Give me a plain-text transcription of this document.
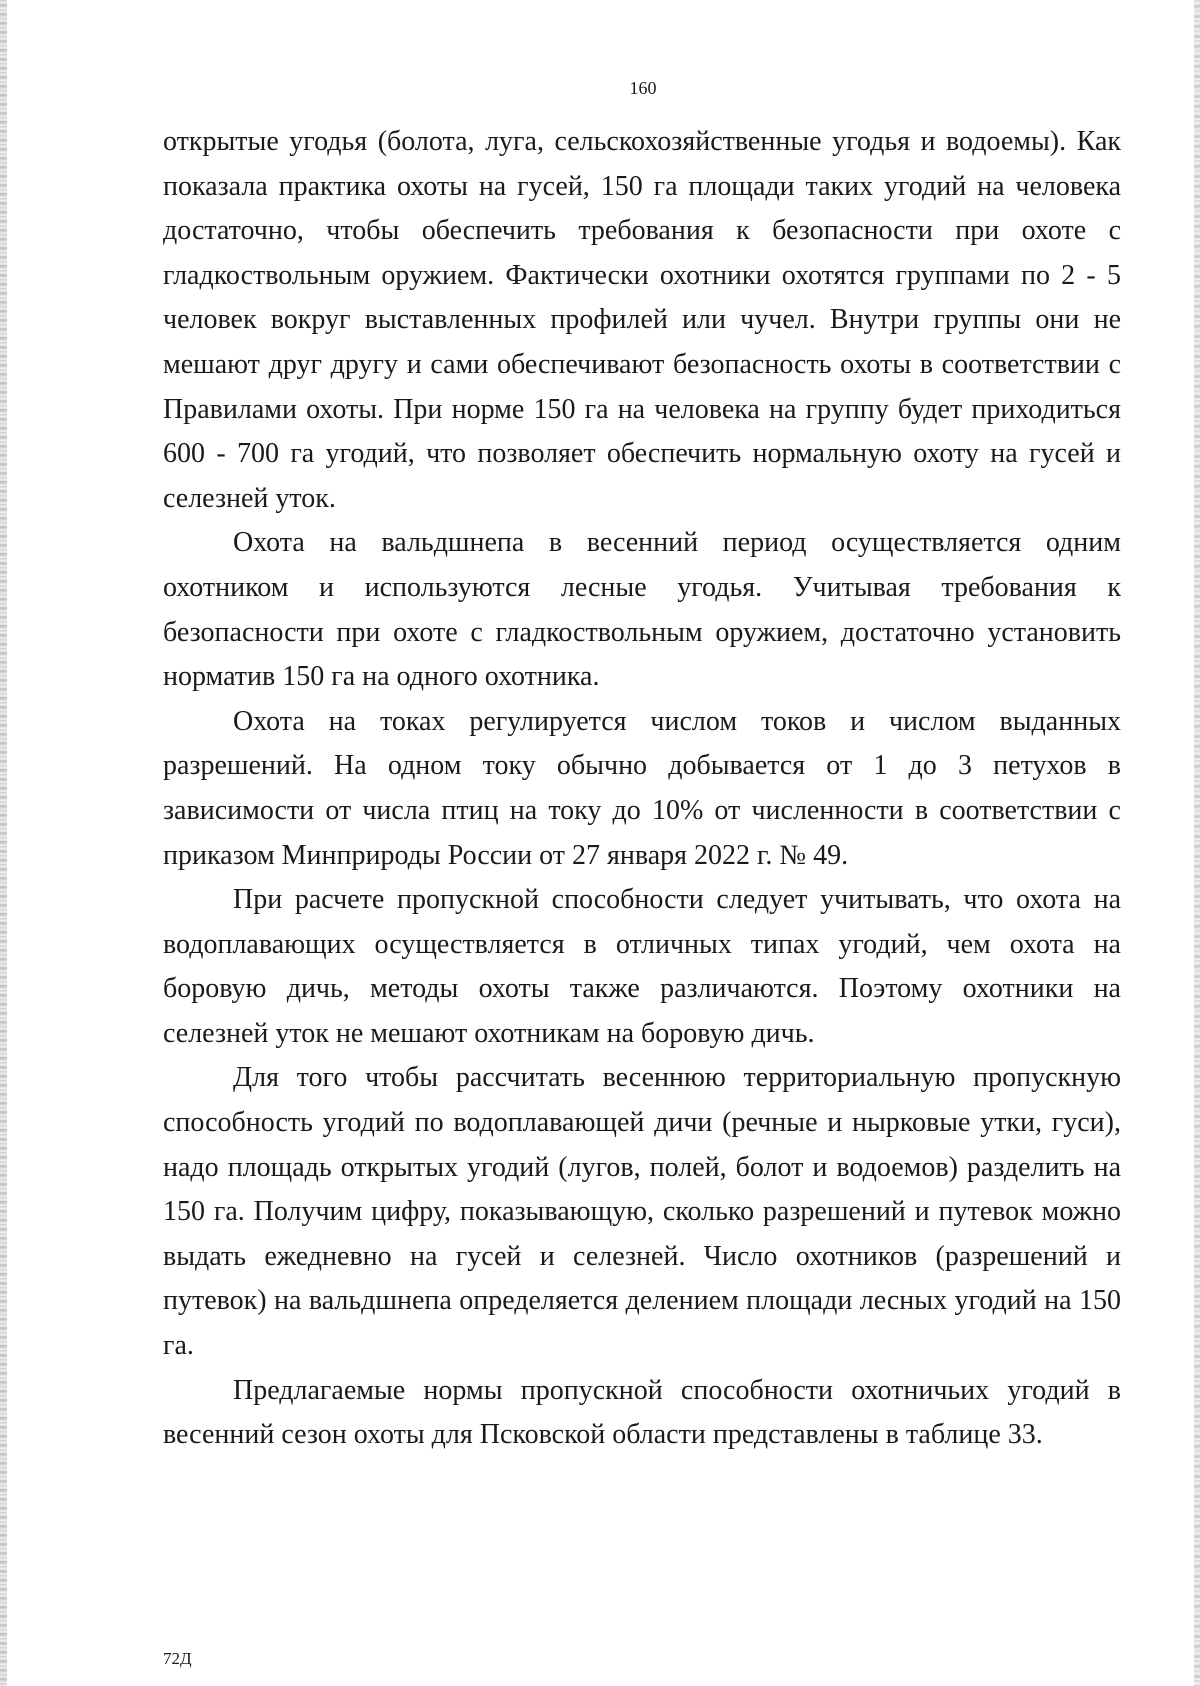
160

открытые угодья (болота, луга, сельскохозяйственные угодья и водоемы). Как показала практика охоты на гусей, 150 га площади таких угодий на человека достаточно, чтобы обеспечить требования к безопасности при охоте с гладкоствольным оружием. Фактически охотники охотятся группами по 2 - 5 человек вокруг выставленных профилей или чучел. Внутри группы они не мешают друг другу и сами обеспечивают безопасность охоты в соответствии с Правилами охоты. При норме 150 га на человека на группу будет приходиться 600 - 700 га угодий, что позволяет обеспечить нормальную охоту на гусей и селезней уток.

Охота на вальдшнепа в весенний период осуществляется одним охотником и используются лесные угодья. Учитывая требования к безопасности при охоте с гладкоствольным оружием, достаточно установить норматив 150 га на одного охотника.

Охота на токах регулируется числом токов и числом выданных разрешений. На одном току обычно добывается от 1 до 3 петухов в зависимости от числа птиц на току до 10% от численности в соответствии с приказом Минприроды России от 27 января 2022 г. № 49.

При расчете пропускной способности следует учитывать, что охота на водоплавающих осуществляется в отличных типах угодий, чем охота на боровую дичь, методы охоты также различаются. Поэтому охотники на селезней уток не мешают охотникам на боровую дичь.

Для того чтобы рассчитать весеннюю территориальную пропускную способность угодий по водоплавающей дичи (речные и нырковые утки, гуси), надо площадь открытых угодий (лугов, полей, болот и водоемов) разделить на 150 га. Получим цифру, показывающую, сколько разрешений и путевок можно выдать ежедневно на гусей и селезней. Число охотников (разрешений и путевок) на вальдшнепа определяется делением площади лесных угодий на 150 га.

Предлагаемые нормы пропускной способности охотничьих угодий в весенний сезон охоты для Псковской области представлены в таблице 33.

72Д
